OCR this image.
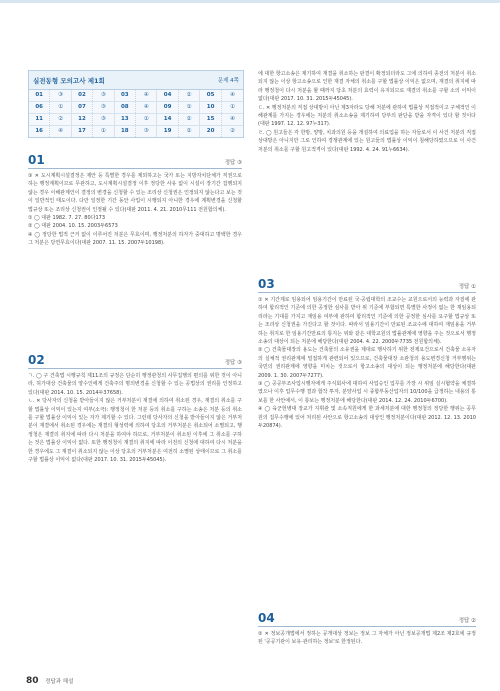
실전동형 모의고사 제1회	문제 4쪽
01	③	02	③	03	④	04	②	05	④
06	①	07	③	08	④	09	①	10	①
11	②	12	③	13	①	14	②	15	④
16	④	17	①	18	③	19	②	20	②
01	정답 ③

③ ✕ 도시계획시설결정은 제안 등 특별한 경우를 제외하고는 국가 또는 지방자치단체가 직권으로 하는 행정계획이므로 무관하고, 도시계획시설결정 이후 정당한 사유 없이 시설이 장기간 집행되지 않는 경우 이해관계인이 결정의 변경을 신청할 수 있는 조리상 신청권은 인정되지 않는다고 보는 것이 일반적인 태도이다. 다만 일정한 기간 동안 사업이 시행되지 아니한 경우에 계획변경을 신청할 법규상 또는 조리상 신청권이 인정될 수 있다(대판 2011. 4. 21. 2010무111 전원합의체).

① ◯ 대판 1982. 7. 27. 80다173

② ◯ 대판 2004. 10. 15. 2003두6573

④ ◯ 정당한 법적 근거 없이 이루어진 처분은 무효이며, 행정처분의 하자가 중대하고 명백한 경우 그 처분은 당연무효이다(대판 2007. 11. 15. 2007두10198).

02	정답 ③

ㄱ. ◯ 구 건축법 시행규칙 제11조의 규정은 단순히 행정관청의 사무집행의 편의를 위한 것이 아니라, 허가대상 건축물의 양수인에게 건축주의 명의변경을 신청할 수 있는 공법상의 권리를 인정하고 있다(대판 2014. 10. 15. 2014두37658).

ㄴ. ✕ 당사자의 신청을 받아들이지 않은 거부처분이 재결에 의하여 취소된 경우, 재결의 취소를 구할 법률상 이익이 있는지 여부(소극): 행정청이 한 처분 등의 취소를 구하는 소송은 처분 등의 취소를 구할 법률상 이익이 있는 자가 제기할 수 있다. 그런데 당사자의 신청을 받아들이지 않은 거부처분이 재결에서 취소된 경우에는 재결의 형성력에 의하여 당초의 거부처분은 취소되어 소멸되고, 행정청은 재결의 취지에 따라 다시 처분을 하여야 하므로, 거부처분이 취소된 이후에 그 취소를 구하는 것은 법률상 이익이 없다. 또한 행정청이 재결의 취지에 따라 이전의 신청에 대하여 다시 처분을 한 경우에도 그 재결이 취소되지 않는 이상 당초의 거부처분은 여전히 소멸된 상태이므로 그 취소를 구할 법률상 이익이 없다(대판 2017. 10. 31. 2015두45045).

에 대한 항고소송은 제기하여 재결을 취소하는 판결이 확정되더라도 그에 의하여 종전의 처분이 취소되지 않는 이상 항고소송으로 인한 재결 자체의 취소를 구할 법률상 이익은 없으며, 재결의 취지에 따라 행정청이 다시 처분을 할 때까지 당초 처분의 효력이 유지되므로 재결의 취소를 구할 소의 이익이 없다(대판 2017. 10. 31. 2015두45045).

ㄷ. ✕ 행정처분의 직접 상대방이 아닌 제3자라도 당해 처분에 관하여 법률상 직접적이고 구체적인 이해관계를 가지는 경우에는 처분의 취소소송을 제기하여 당부의 판단을 받을 자격이 있다 할 것이다(대판 1997. 12. 12. 97누317).

ㄹ. ◯ 원고들은 각 한방, 양방, 치과의원 등을 개설하여 의료업을 하는 자들로서 이 사건 처분의 직접 상대방은 아니지만 그로 인하여 경쟁관계에 있는 원고들의 법률상 이익이 침해당하였으므로 이 사건 처분의 취소를 구할 원고적격이 있다(대판 1992. 4. 24. 91누6634).

03	정답 ①

① ✕ 기간제로 임용되어 임용기간이 만료된 국·공립대학의 조교수는 교원으로서의 능력과 자질에 관하여 합리적인 기준에 의한 공정한 심사를 받아 위 기준에 부합되면 특별한 사정이 없는 한 재임용되리라는 기대를 가지고 재임용 여부에 관하여 합리적인 기준에 의한 공정한 심사를 요구할 법규상 또는 조리상 신청권을 가진다고 할 것이다. 따라서 임용기간이 만료된 조교수에 대하여 재임용을 거부하는 취지로 한 임용기간만료의 통지는 위와 같은 대학교원의 법률관계에 영향을 주는 것으로서 행정소송의 대상이 되는 처분에 해당한다(대판 2004. 4. 22. 2000두7735 전원합의체).

② ◯ 건축물대장의 용도는 건축물의 소유권을 제대로 행사하기 위한 전제요건으로서 건축물 소유자의 실체적 권리관계에 밀접하게 관련되어 있으므로, 건축물대장 소관청의 용도변경신청 거부행위는 국민의 권리관계에 영향을 미치는 것으로서 항고소송의 대상이 되는 행정처분에 해당한다(대판 2009. 1. 30. 2007두7277).

③ ◯ 공공부조사업시행자에게 주식회사에 대하여 사업승인 업무를 가장 시 위임 실시협약을 체결하였으나 이후 업무수행 결과 합작 투자, 분양사업 시 종합부동산업자의 10/100을 급정하는 내용의 통보를 한 사안에서, 이 통보는 행정처분에 해당한다(대판 2014. 12. 24. 2010두6700).

④ ◯ 육군헌병대 장교가 지휘관 및 소속직원에게 한 과세처분에 대한 행정청의 정당한 행위는 공무원의 집무수행에 있어 처리된 사안으로 항고소송의 대상인 행정처분이다(대판 2012. 12. 13. 2010두20874).

04	정답 ②

② ✕ 정보공개법에서 정하는 공개대상 정보는 정보 그 자체가 아닌 정보공개법 제2조 제2호에 규정된 '공공기관이 보유·관리하는 정보'로 한정된다.

80 정답과 해설
